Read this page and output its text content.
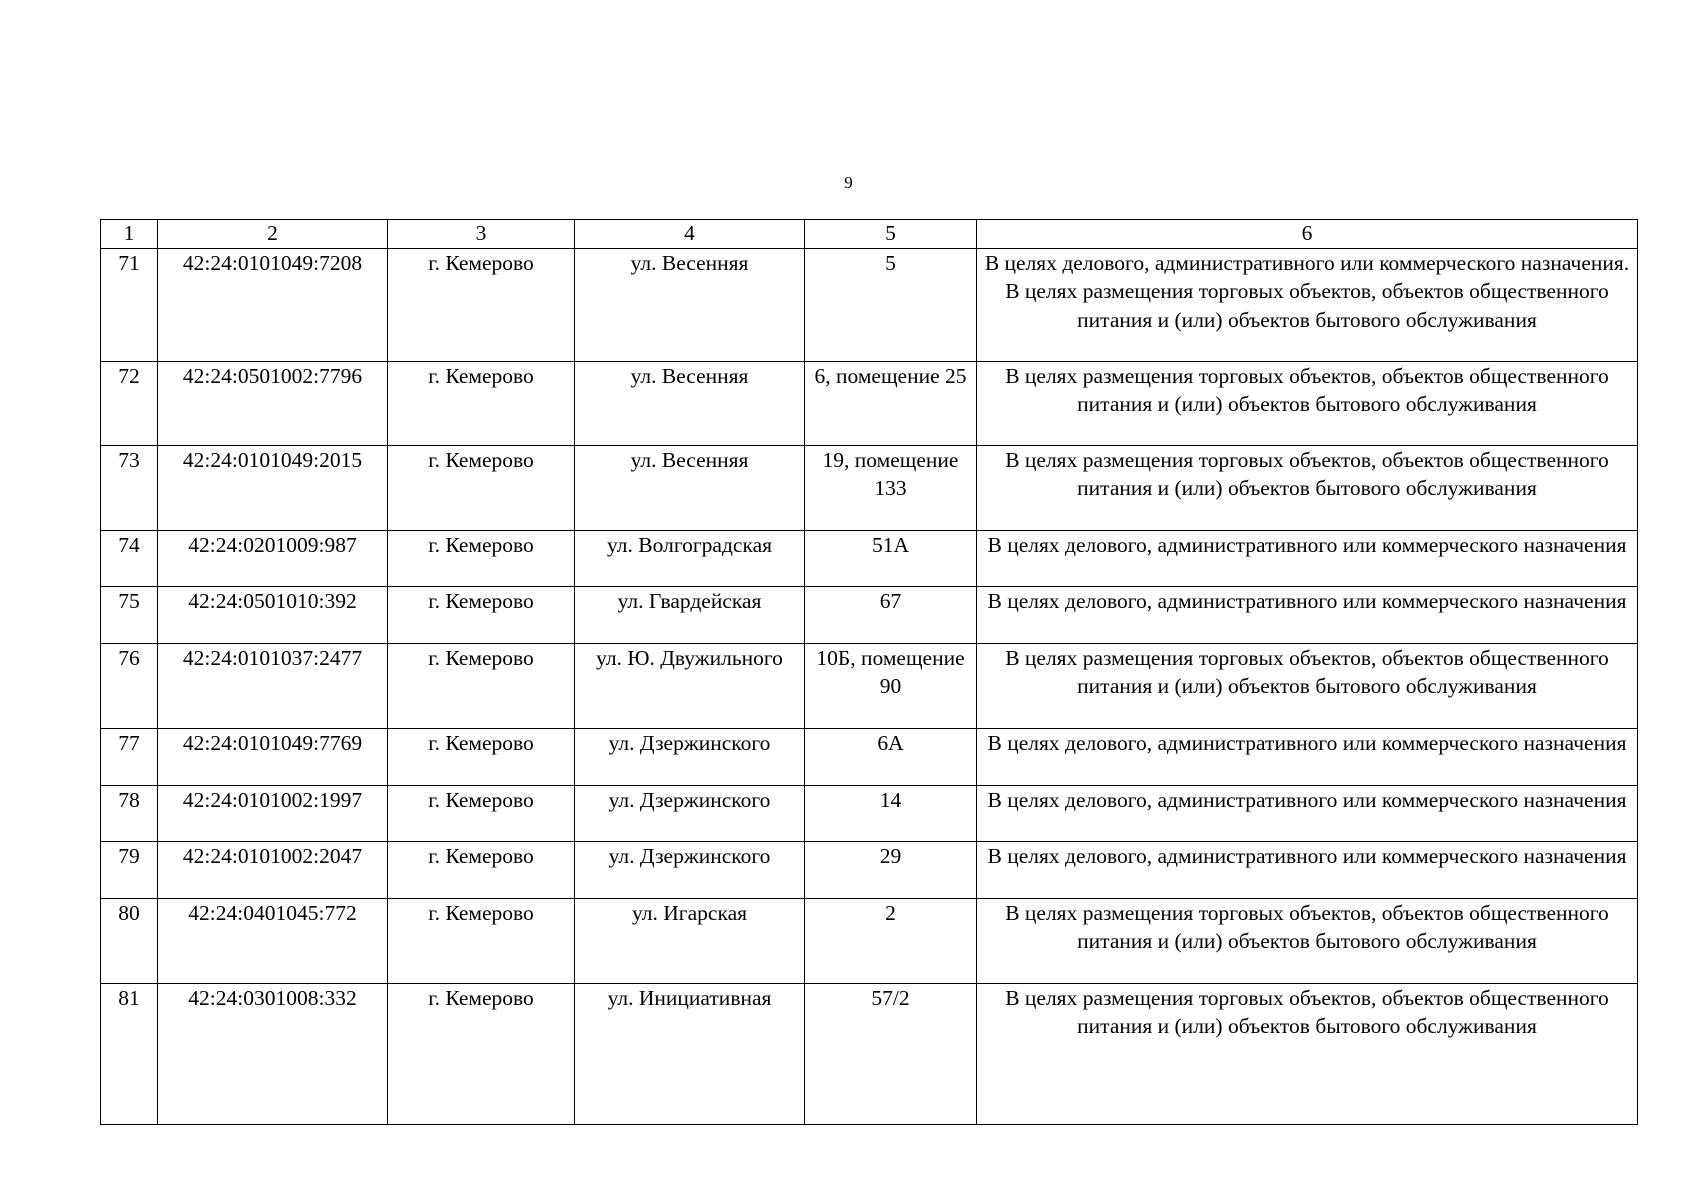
9
1	2	3	4	5	6
71	42:24:0101049:7208	г. Кемерово	ул. Весенняя	5	В целях делового, административного или коммерческого назначения. В целях размещения торговых объектов, объектов общественного питания и (или) объектов бытового обслуживания
72	42:24:0501002:7796	г. Кемерово	ул. Весенняя	6, помещение 25	В целях размещения торговых объектов, объектов общественного питания и (или) объектов бытового обслуживания
73	42:24:0101049:2015	г. Кемерово	ул. Весенняя	19, помещение 133	В целях размещения торговых объектов, объектов общественного питания и (или) объектов бытового обслуживания
74	42:24:0201009:987	г. Кемерово	ул. Волгоградская	51А	В целях делового, административного или коммерческого назначения
75	42:24:0501010:392	г. Кемерово	ул. Гвардейская	67	В целях делового, административного или коммерческого назначения
76	42:24:0101037:2477	г. Кемерово	ул. Ю. Двужильного	10Б, помещение 90	В целях размещения торговых объектов, объектов общественного питания и (или) объектов бытового обслуживания
77	42:24:0101049:7769	г. Кемерово	ул. Дзержинского	6А	В целях делового, административного или коммерческого назначения
78	42:24:0101002:1997	г. Кемерово	ул. Дзержинского	14	В целях делового, административного или коммерческого назначения
79	42:24:0101002:2047	г. Кемерово	ул. Дзержинского	29	В целях делового, административного или коммерческого назначения
80	42:24:0401045:772	г. Кемерово	ул. Игарская	2	В целях размещения торговых объектов, объектов общественного питания и (или) объектов бытового обслуживания
81	42:24:0301008:332	г. Кемерово	ул. Инициативная	57/2	В целях размещения торговых объектов, объектов общественного питания и (или) объектов бытового обслуживания
